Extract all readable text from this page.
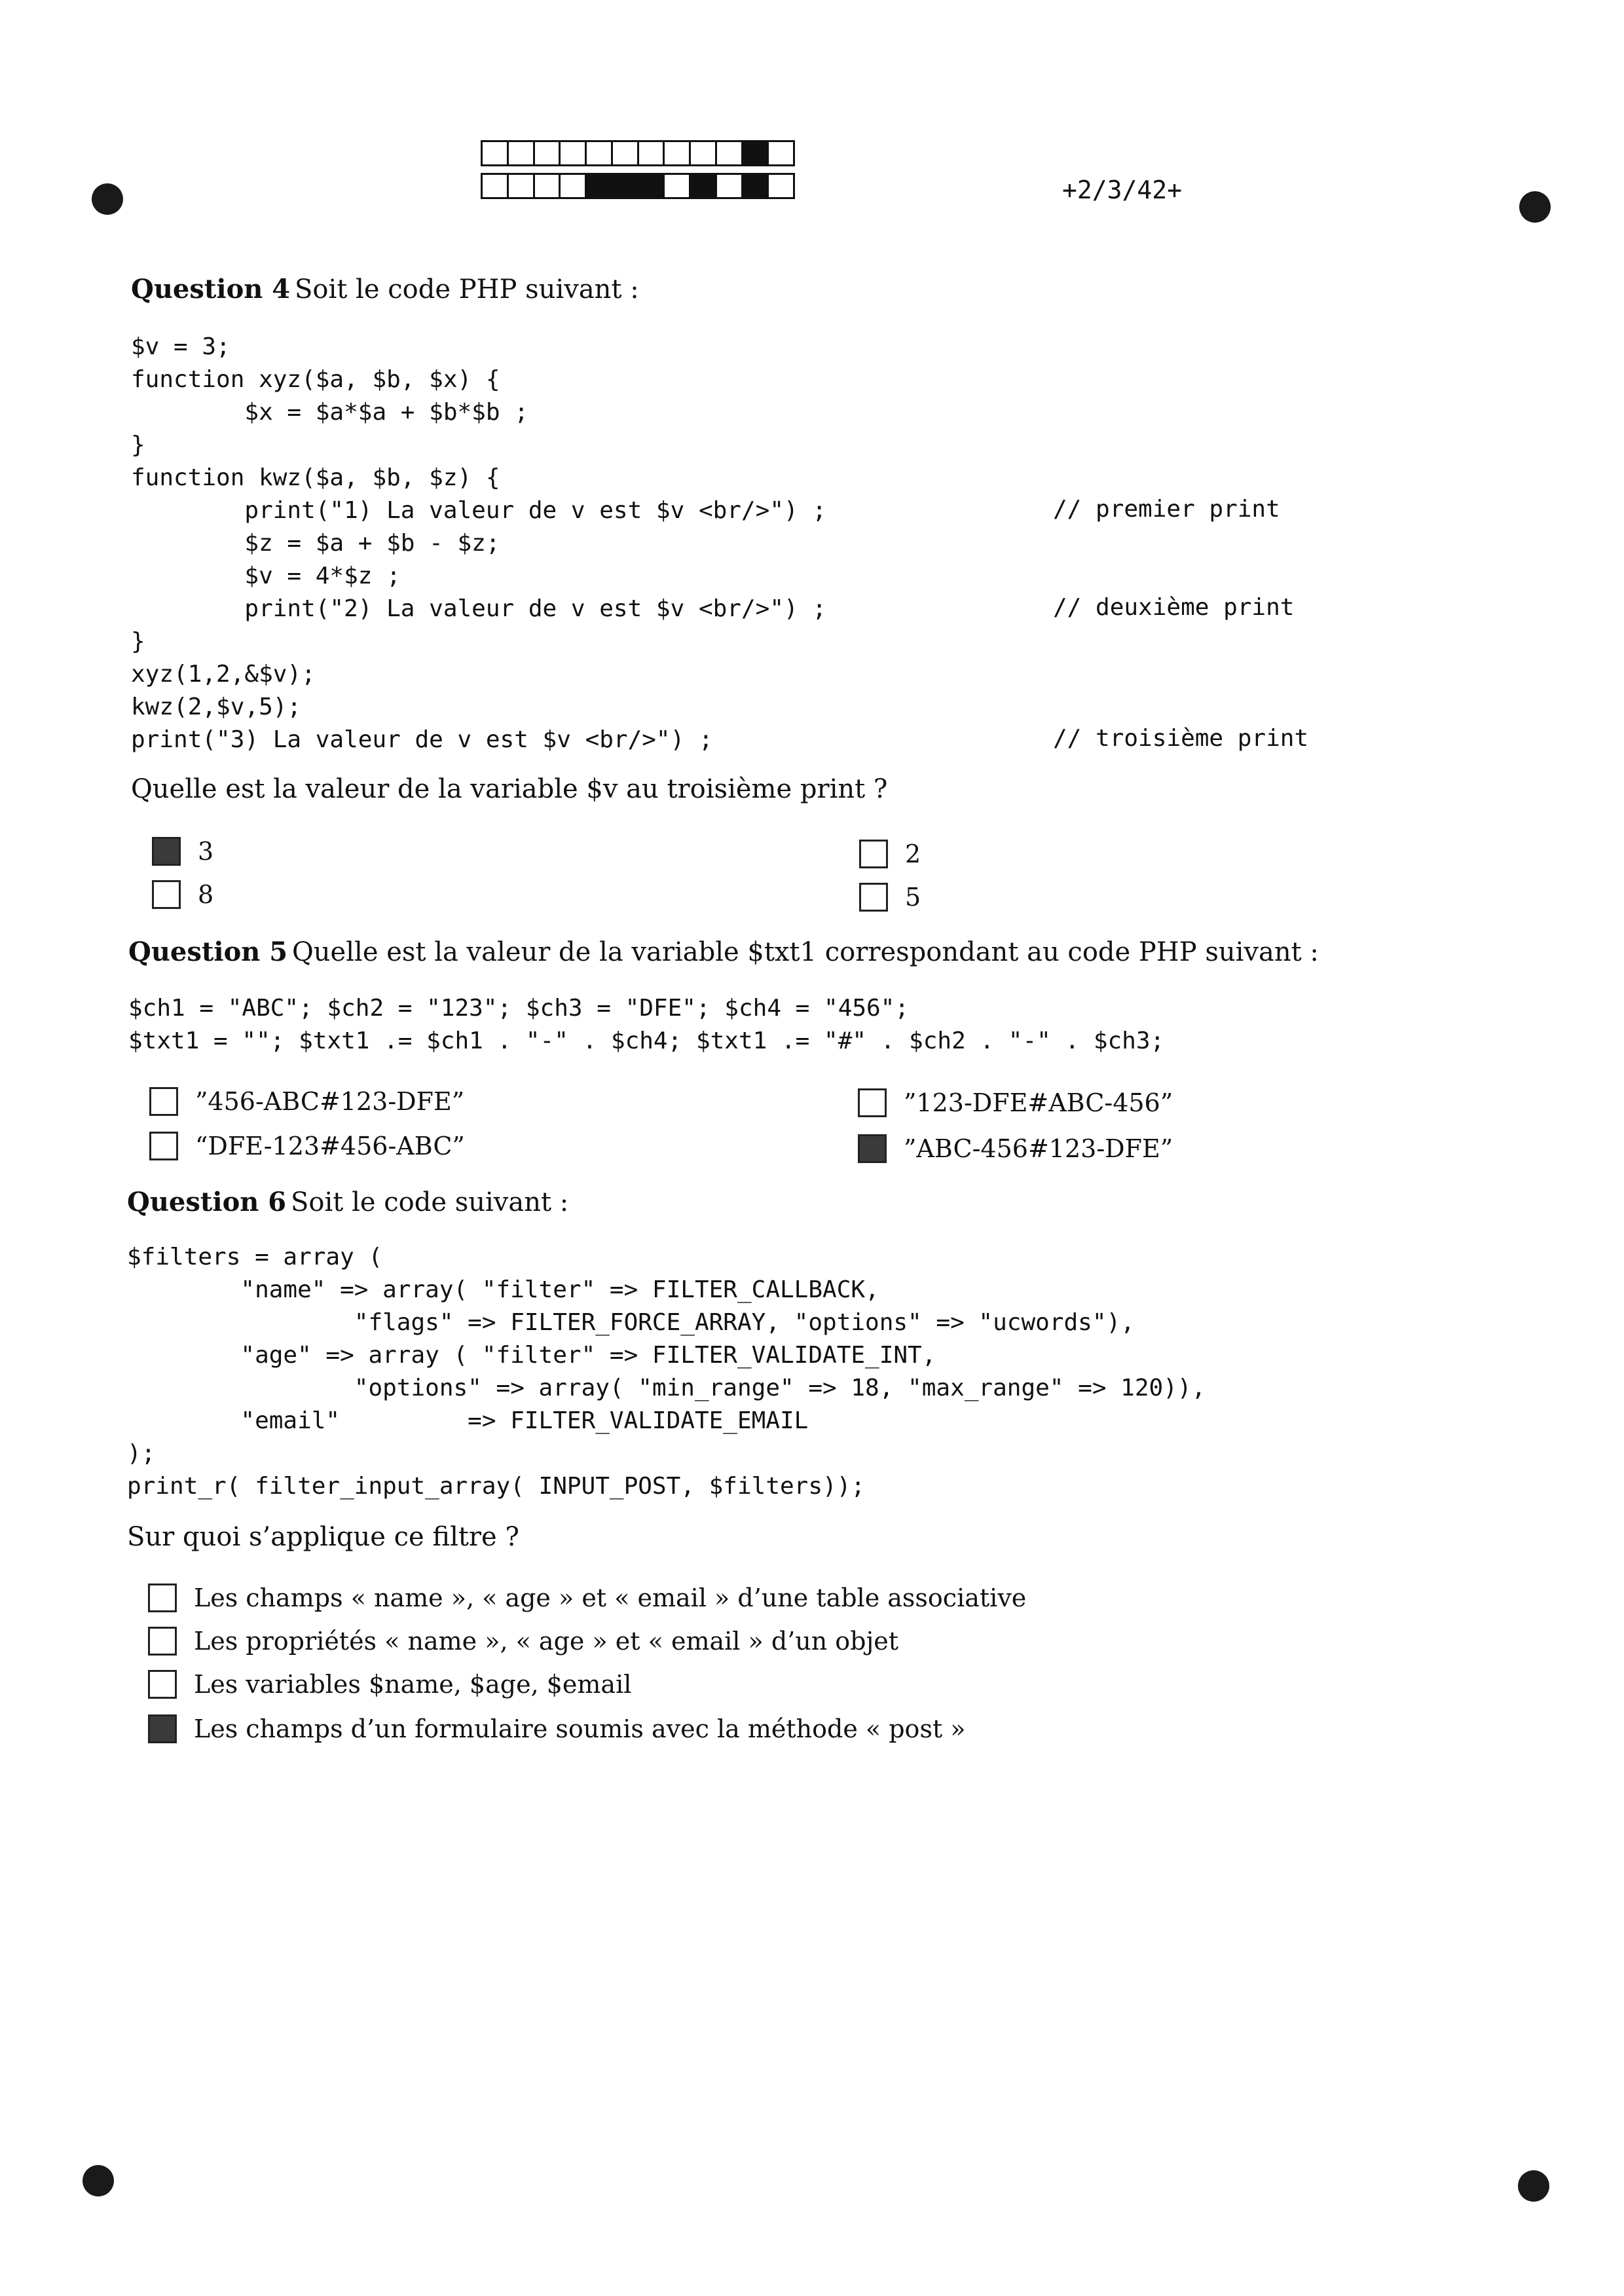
+2/3/42+
Question 4 Soit le code PHP suivant :
$v = 3;
function xyz($a, $b, $x) {
$x = $a*$a + $b*$b ;
}
function kwz($a, $b, $z) {
print("1) La valeur de v est $v <br/>") ;
$z = $a + $b - $z;
$v = 4*$z ;
print("2) La valeur de v est $v <br/>") ;
}
xyz(1,2,&$v);
kwz(2,$v,5);
print("3) La valeur de v est $v <br/>") ;
// premier print
// deuxième print
// troisième print
Quelle est la valeur de la variable $v au troisième print ?
3
8
2
5
Question 5 Quelle est la valeur de la variable $txt1 correspondant au code PHP suivant :
$ch1 = "ABC"; $ch2 = "123"; $ch3 = "DFE"; $ch4 = "456";
$txt1 = ""; $txt1 .= $ch1 . "-" . $ch4; $txt1 .= "#" . $ch2 . "-" . $ch3;
”456-ABC#123-DFE”
“DFE-123#456-ABC”
”123-DFE#ABC-456”
”ABC-456#123-DFE”
Question 6 Soit le code suivant :
$filters = array (
"name" => array( "filter" => FILTER_CALLBACK,
"flags" => FILTER_FORCE_ARRAY, "options" => "ucwords"),
"age" => array ( "filter" => FILTER_VALIDATE_INT,
"options" => array( "min_range" => 18, "max_range" => 120)),
"email"         => FILTER_VALIDATE_EMAIL
);
print_r( filter_input_array( INPUT_POST, $filters));
Sur quoi s’applique ce filtre ?
Les champs « name », « age » et « email » d’une table associative
Les propriétés « name », « age » et « email » d’un objet
Les variables $name, $age, $email
Les champs d’un formulaire soumis avec la méthode « post »
